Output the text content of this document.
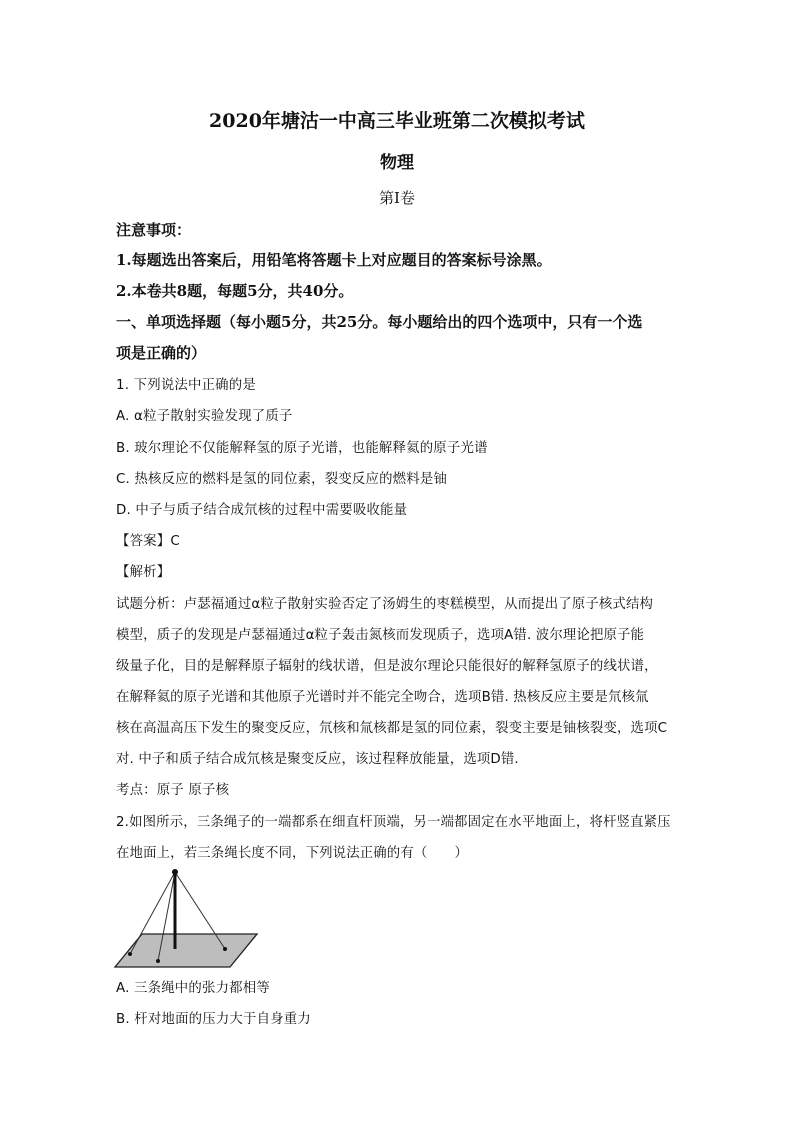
2020年塘沽一中高三毕业班第二次模拟考试
物理
第Ⅰ卷
注意事项：
1.每题选出答案后，用铅笔将答题卡上对应题目的答案标号涂黑。
2.本卷共8题，每题5分，共40分。
一、单项选择题（每小题5分，共25分。每小题给出的四个选项中，只有一个选
项是正确的）
1. 下列说法中正确的是
A. α粒子散射实验发现了质子
B. 玻尔理论不仅能解释氢的原子光谱，也能解释氦的原子光谱
C. 热核反应的燃料是氢的同位素，裂变反应的燃料是铀
D. 中子与质子结合成氘核的过程中需要吸收能量
【答案】C
【解析】
试题分析：卢瑟福通过α粒子散射实验否定了汤姆生的枣糕模型，从而提出了原子核式结构
模型，质子的发现是卢瑟福通过α粒子轰击氮核而发现质子，选项A错. 波尔理论把原子能
级量子化，目的是解释原子辐射的线状谱，但是波尔理论只能很好的解释氢原子的线状谱，
在解释氦的原子光谱和其他原子光谱时并不能完全吻合，选项B错. 热核反应主要是氘核氚
核在高温高压下发生的聚变反应，氘核和氚核都是氢的同位素，裂变主要是铀核裂变，选项C
对. 中子和质子结合成氘核是聚变反应，该过程释放能量，选项D错.
考点：原子 原子核
2.如图所示，三条绳子的一端都系在细直杆顶端，另一端都固定在水平地面上，将杆竖直紧压
在地面上，若三条绳长度不同，下列说法正确的有（　　）
A. 三条绳中的张力都相等
B. 杆对地面的压力大于自身重力
